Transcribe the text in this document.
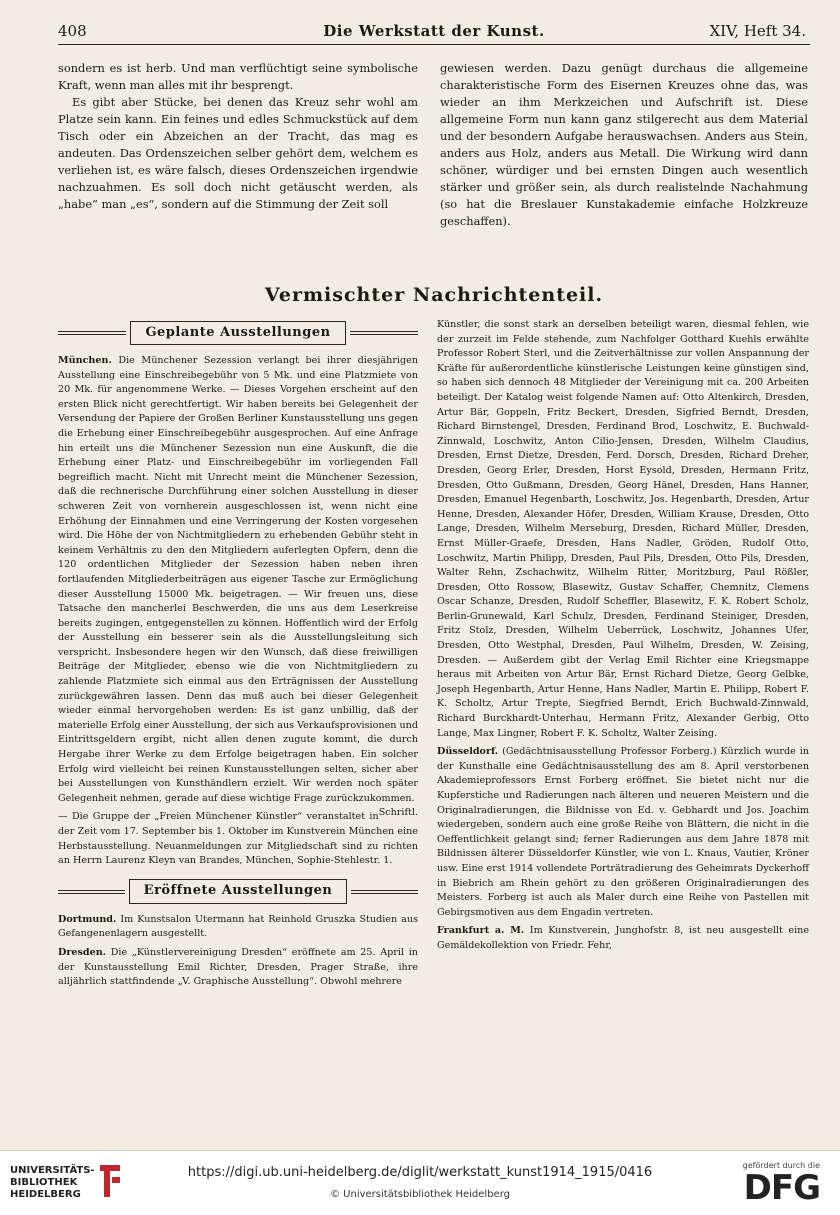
408	Die Werkstatt der Kunst.	XIV, Heft 34.

sondern es ist herb. Und man verflüchtigt seine symbolische Kraft, wenn man alles mit ihr besprengt.

Es gibt aber Stücke, bei denen das Kreuz sehr wohl am Platze sein kann. Ein feines und edles Schmuckstück auf dem Tisch oder ein Abzeichen an der Tracht, das mag es andeuten. Das Ordenszeichen selber gehört dem, welchem es verliehen ist, es wäre falsch, dieses Ordenszeichen irgendwie nachzuahmen. Es soll doch nicht getäuscht werden, als „habe“ man „es“, sondern auf die Stimmung der Zeit soll

gewiesen werden. Dazu genügt durchaus die allgemeine charakteristische Form des Eisernen Kreuzes ohne das, was wieder an ihm Merkzeichen und Aufschrift ist. Diese allgemeine Form nun kann ganz stilgerecht aus dem Material und der besondern Aufgabe herauswachsen. Anders aus Stein, anders aus Holz, anders aus Metall. Die Wirkung wird dann schöner, würdiger und bei ernsten Dingen auch wesentlich stärker und größer sein, als durch realistelnde Nachahmung (so hat die Breslauer Kunstakademie einfache Holzkreuze geschaffen).

Vermischter Nachrichtenteil.
Geplante Ausstellungen

München. Die Münchener Sezession verlangt bei ihrer diesjährigen Ausstellung eine Einschreibegebühr von 5 Mk. und eine Platzmiete von 20 Mk. für angenommene Werke. — Dieses Vorgehen erscheint auf den ersten Blick nicht gerechtfertigt. Wir haben bereits bei Gelegenheit der Versendung der Papiere der Großen Berliner Kunstausstellung uns gegen die Erhebung einer Einschreibegebühr ausgesprochen. Auf eine Anfrage hin erteilt uns die Münchener Sezession nun eine Auskunft, die die Erhebung einer Platz- und Einschreibegebühr im vorliegenden Fall begreiflich macht. Nicht mit Unrecht meint die Münchener Sezession, daß die rechnerische Durchführung einer solchen Ausstellung in dieser schweren Zeit von vornherein ausgeschlossen ist, wenn nicht eine Erhöhung der Einnahmen und eine Verringerung der Kosten vorgesehen wird. Die Höhe der von Nichtmitgliedern zu erhebenden Gebühr steht in keinem Verhältnis zu den den Mitgliedern auferlegten Opfern, denn die 120 ordentlichen Mitglieder der Sezession haben neben ihren fortlaufenden Mitgliederbeiträgen aus eigener Tasche zur Ermöglichung dieser Ausstellung 15000 Mk. beigetragen. — Wir freuen uns, diese Tatsache den mancherlei Beschwerden, die uns aus dem Leserkreise bereits zugingen, entgegenstellen zu können. Hoffentlich wird der Erfolg der Ausstellung ein besserer sein als die Ausstellungsleitung sich verspricht. Insbesondere hegen wir den Wunsch, daß diese freiwilligen Beiträge der Mitglieder, ebenso wie die von Nichtmitgliedern zu zahlende Platzmiete sich einmal aus den Erträgnissen der Ausstellung zurückgewähren lassen. Denn das muß auch bei dieser Gelegenheit wieder einmal hervorgehoben werden: Es ist ganz unbillig, daß der materielle Erfolg einer Ausstellung, der sich aus Verkaufsprovisionen und Eintrittsgeldern ergibt, nicht allen denen zugute kommt, die durch Hergabe ihrer Werke zu dem Erfolge beigetragen haben. Ein solcher Erfolg wird vielleicht bei reinen Kunstausstellungen selten, sicher aber bei Ausstellungen von Kunsthändlern erzielt. Wir werden noch später Gelegenheit nehmen, gerade auf diese wichtige Frage zurückzukommen.
Schriftl.

— Die Gruppe der „Freien Münchener Künstler“ veranstaltet in der Zeit vom 17. September bis 1. Oktober im Kunstverein München eine Herbstausstellung. Neuanmeldungen zur Mitgliedschaft sind zu richten an Herrn Laurenz Kleyn van Brandes, München, Sophie-Stehlestr. 1.

Eröffnete Ausstellungen

Dortmund. Im Kunstsalon Utermann hat Reinhold Gruszka Studien aus Gefangenenlagern ausgestellt.

Dresden. Die „Künstlervereinigung Dresden“ eröffnete am 25. April in der Kunstausstellung Emil Richter, Dresden, Prager Straße, ihre alljährlich stattfindende „V. Graphische Ausstellung“. Obwohl mehrere

Künstler, die sonst stark an derselben beteiligt waren, diesmal fehlen, wie der zurzeit im Felde stehende, zum Nachfolger Gotthard Kuehls erwählte Professor Robert Sterl, und die Zeitverhältnisse zur vollen Anspannung der Kräfte für außerordentliche künstlerische Leistungen keine günstigen sind, so haben sich dennoch 48 Mitglieder der Vereinigung mit ca. 200 Arbeiten beteiligt. Der Katalog weist folgende Namen auf: Otto Altenkirch, Dresden, Artur Bär, Goppeln, Fritz Beckert, Dresden, Sigfried Berndt, Dresden, Richard Birnstengel, Dresden, Ferdinand Brod, Loschwitz, E. Buchwald-Zinnwald, Loschwitz, Anton Cilio-Jensen, Dresden, Wilhelm Claudius, Dresden, Ernst Dietze, Dresden, Ferd. Dorsch, Dresden, Richard Dreher, Dresden, Georg Erler, Dresden, Horst Eysold, Dresden, Hermann Fritz, Dresden, Otto Gußmann, Dresden, Georg Hänel, Dresden, Hans Hanner, Dresden, Emanuel Hegenbarth, Loschwitz, Jos. Hegenbarth, Dresden, Artur Henne, Dresden, Alexander Höfer, Dresden, William Krause, Dresden, Otto Lange, Dresden, Wilhelm Merseburg, Dresden, Richard Müller, Dresden, Ernst Müller-Graefe, Dresden, Hans Nadler, Gröden, Rudolf Otto, Loschwitz, Martin Philipp, Dresden, Paul Pils, Dresden, Otto Pils, Dresden, Walter Rehn, Zschachwitz, Wilhelm Ritter, Moritzburg, Paul Rößler, Dresden, Otto Rossow, Blasewitz, Gustav Schaffer, Chemnitz, Clemens Oscar Schanze, Dresden, Rudolf Scheffler, Blasewitz, F. K. Robert Scholz, Berlin-Grunewald, Karl Schulz, Dresden, Ferdinand Steiniger, Dresden, Fritz Stolz, Dresden, Wilhelm Ueberrück, Loschwitz, Johannes Ufer, Dresden, Otto Westphal, Dresden, Paul Wilhelm, Dresden, W. Zeising, Dresden. — Außerdem gibt der Verlag Emil Richter eine Kriegsmappe heraus mit Arbeiten von Artur Bär, Ernst Richard Dietze, Georg Gelbke, Joseph Hegenbarth, Artur Henne, Hans Nadler, Martin E. Philipp, Robert F. K. Scholtz, Artur Trepte, Siegfried Berndt, Erich Buchwald-Zinnwald, Richard Burckhardt-Unterhau, Hermann Fritz, Alexander Gerbig, Otto Lange, Max Lingner, Robert F. K. Scholtz, Walter Zeising.

Düsseldorf. (Gedächtnisausstellung Professor Forberg.) Kürzlich wurde in der Kunsthalle eine Gedächtnisausstellung des am 8. April verstorbenen Akademieprofessors Ernst Forberg eröffnet. Sie bietet nicht nur die Kupferstiche und Radierungen nach älteren und neueren Meistern und die Originalradierungen, die Bildnisse von Ed. v. Gebhardt und Jos. Joachim wiedergeben, sondern auch eine große Reihe von Blättern, die nicht in die Oeffentlichkeit gelangt sind; ferner Radierungen aus dem Jahre 1878 mit Bildnissen älterer Düsseldorfer Künstler, wie von L. Knaus, Vautier, Kröner usw. Eine erst 1914 vollendete Porträtradierung des Geheimrats Dyckerhoff in Biebrich am Rhein gehört zu den größeren Originalradierungen des Meisters. Forberg ist auch als Maler durch eine Reihe von Pastellen mit Gebirgsmotiven aus dem Engadin vertreten.

Frankfurt a. M. Im Kunstverein, Junghofstr. 8, ist neu ausgestellt eine Gemäldekollektion von Friedr. Fehr,

UNIVERSITÄTS-
BIBLIOTHEK
HEIDELBERG
https://digi.ub.uni-heidelberg.de/diglit/werkstatt_kunst1914_1915/0416
© Universitätsbibliothek Heidelberg
gefördert durch die
DFG
